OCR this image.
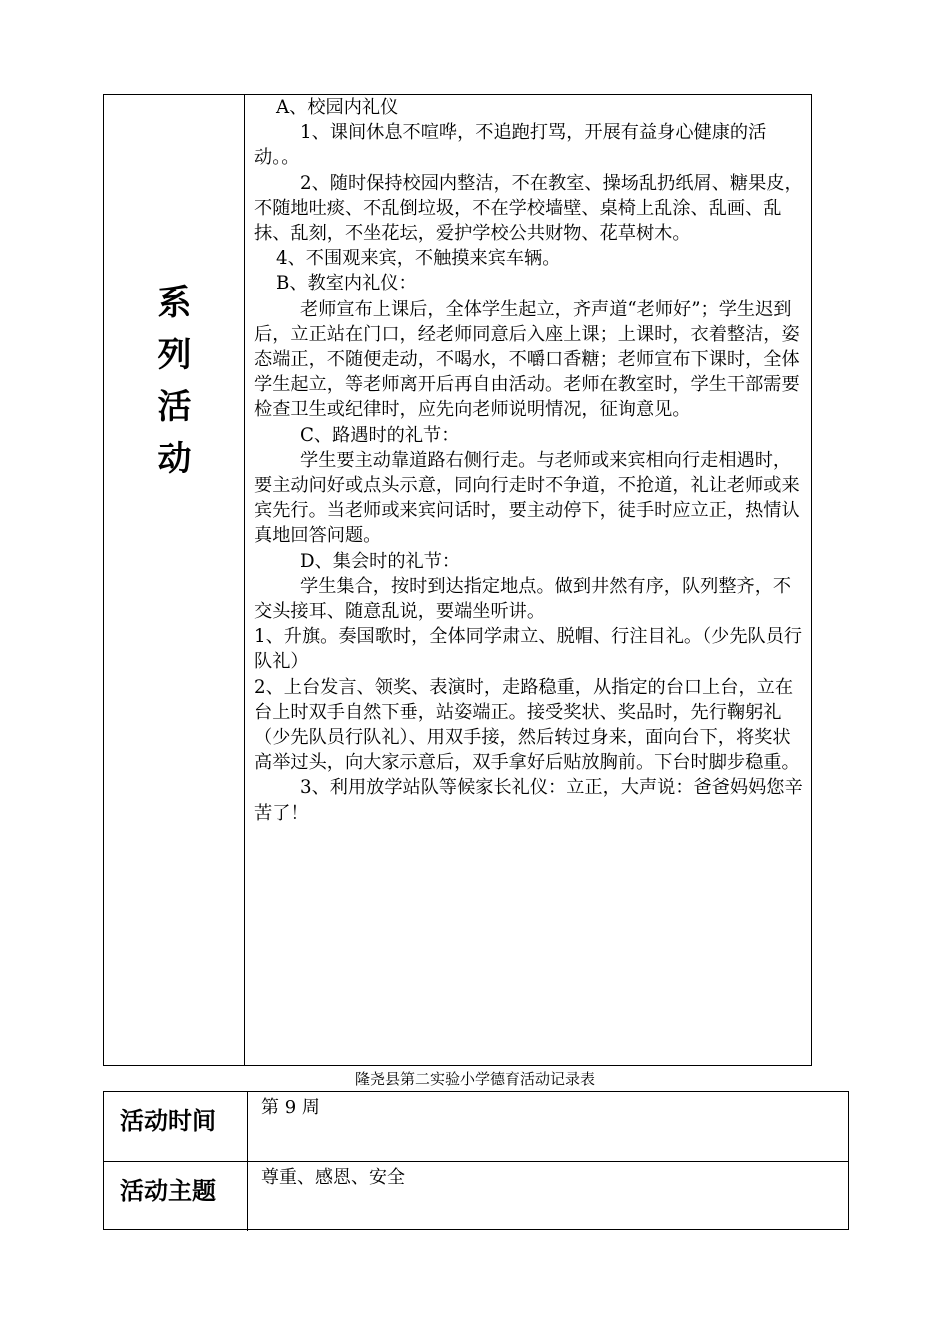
系
列
活
动

A、校园内礼仪

1、课间休息不喧哗，不追跑打骂，开展有益身心健康的活动。。

2、随时保持校园内整洁，不在教室、操场乱扔纸屑、糖果皮，不随地吐痰、不乱倒垃圾，不在学校墙壁、桌椅上乱涂、乱画、乱抹、乱刻，不坐花坛，爱护学校公共财物、花草树木。

4、不围观来宾，不触摸来宾车辆。

B、教室内礼仪：

老师宣布上课后，全体学生起立，齐声道“老师好”；学生迟到后，立正站在门口，经老师同意后入座上课；上课时，衣着整洁，姿态端正，不随便走动，不喝水，不嚼口香糖；老师宣布下课时，全体学生起立，等老师离开后再自由活动。老师在教室时，学生干部需要检查卫生或纪律时，应先向老师说明情况，征询意见。

C、路遇时的礼节：

学生要主动靠道路右侧行走。与老师或来宾相向行走相遇时，要主动问好或点头示意，同向行走时不争道，不抢道，礼让老师或来宾先行。当老师或来宾问话时，要主动停下，徒手时应立正，热情认真地回答问题。

D、集会时的礼节：

学生集合，按时到达指定地点。做到井然有序，队列整齐，不交头接耳、随意乱说，要端坐听讲。

1、升旗。奏国歌时，全体同学肃立、脱帽、行注目礼。（少先队员行队礼）

2、上台发言、领奖、表演时，走路稳重，从指定的台口上台，立在台上时双手自然下垂，站姿端正。接受奖状、奖品时，先行鞠躬礼（少先队员行队礼）、用双手接，然后转过身来，面向台下，将奖状高举过头，向大家示意后，双手拿好后贴放胸前。下台时脚步稳重。

3、利用放学站队等候家长礼仪：立正，大声说：爸爸妈妈您辛苦了！

隆尧县第二实验小学德育活动记录表
活动时间	第 9 周
活动主题	尊重、感恩、安全
